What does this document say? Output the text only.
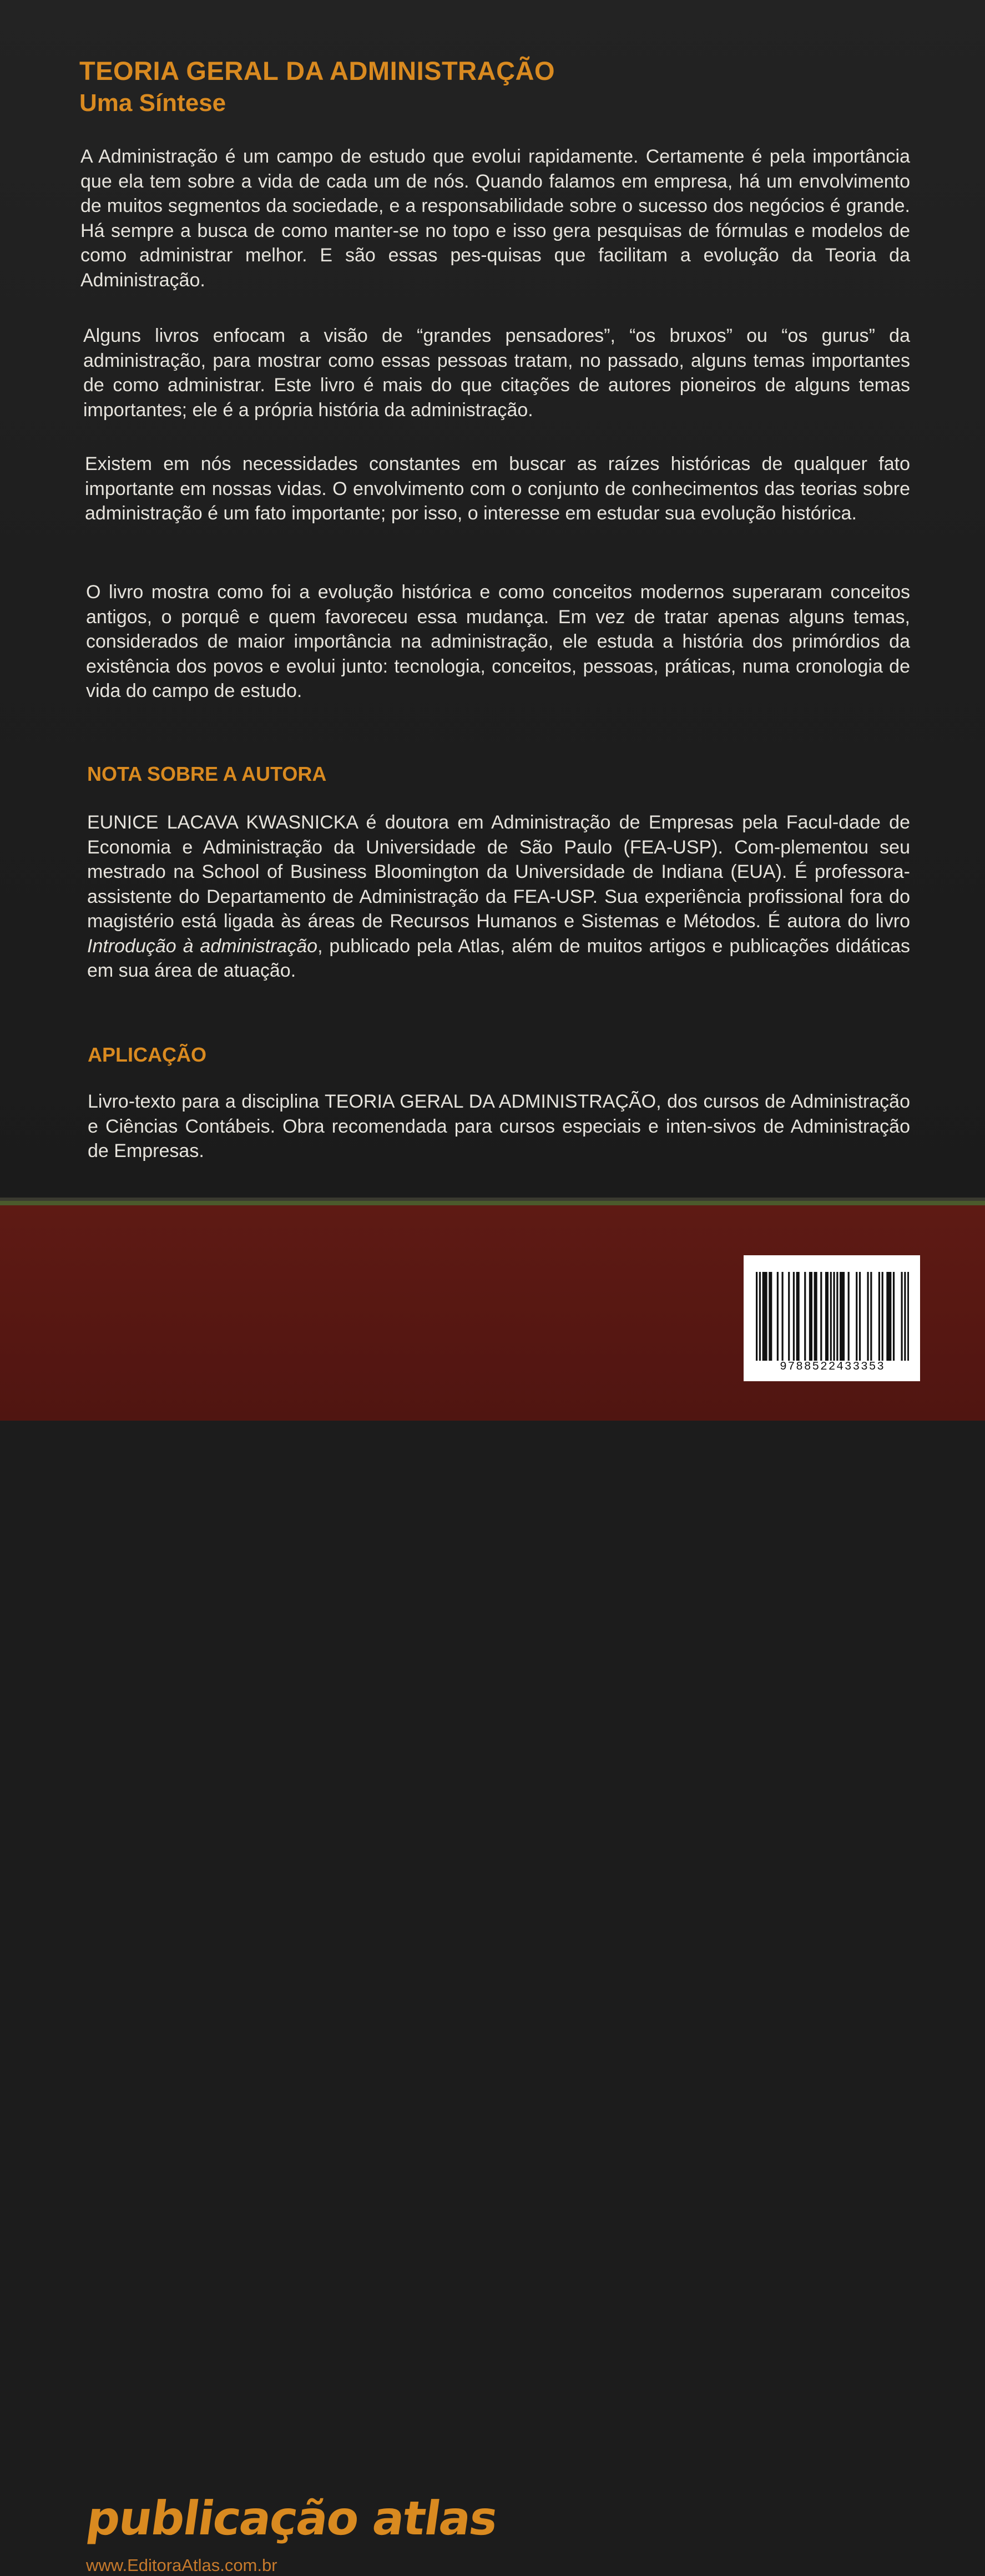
TEORIA GERAL DA ADMINISTRAÇÃO
Uma Síntese

A Administração é um campo de estudo que evolui rapidamente. Certamente é pela importância que ela tem sobre a vida de cada um de nós. Quando falamos em empresa, há um envolvimento de muitos segmentos da sociedade, e a responsabilidade sobre o sucesso dos negócios é grande. Há sempre a busca de como manter-se no topo e isso gera pesquisas de fórmulas e modelos de como administrar melhor. E são essas pes-quisas que facilitam a evolução da Teoria da Administração.

Alguns livros enfocam a visão de “grandes pensadores”, “os bruxos” ou “os gurus” da administração, para mostrar como essas pessoas tratam, no passado, alguns temas importantes de como administrar. Este livro é mais do que citações de autores pioneiros de alguns temas importantes; ele é a própria história da administração.

Existem em nós necessidades constantes em buscar as raízes históricas de qualquer fato importante em nossas vidas. O envolvimento com o conjunto de conhecimentos das teorias sobre administração é um fato importante; por isso, o interesse em estudar sua evolução histórica.

O livro mostra como foi a evolução histórica e como conceitos modernos superaram conceitos antigos, o porquê e quem favoreceu essa mudança. Em vez de tratar apenas alguns temas, considerados de maior importância na administração, ele estuda a história dos primórdios da existência dos povos e evolui junto: tecnologia, conceitos, pessoas, práticas, numa cronologia de vida do campo de estudo.

NOTA SOBRE A AUTORA

EUNICE LACAVA KWASNICKA é doutora em Administração de Empresas pela Facul-dade de Economia e Administração da Universidade de São Paulo (FEA-USP). Com-plementou seu mestrado na School of Business Bloomington da Universidade de Indiana (EUA). É professora-assistente do Departamento de Administração da FEA-USP. Sua experiência profissional fora do magistério está ligada às áreas de Recursos Humanos e Sistemas e Métodos. É autora do livro Introdução à administração, publicado pela Atlas, além de muitos artigos e publicações didáticas em sua área de atuação.

APLICAÇÃO

Livro-texto para a disciplina TEORIA GERAL DA ADMINISTRAÇÃO, dos cursos de Administração e Ciências Contábeis. Obra recomendada para cursos especiais e inten-sivos de Administração de Empresas.

publicação atlas

www.EditoraAtlas.com.br

9788522433353
